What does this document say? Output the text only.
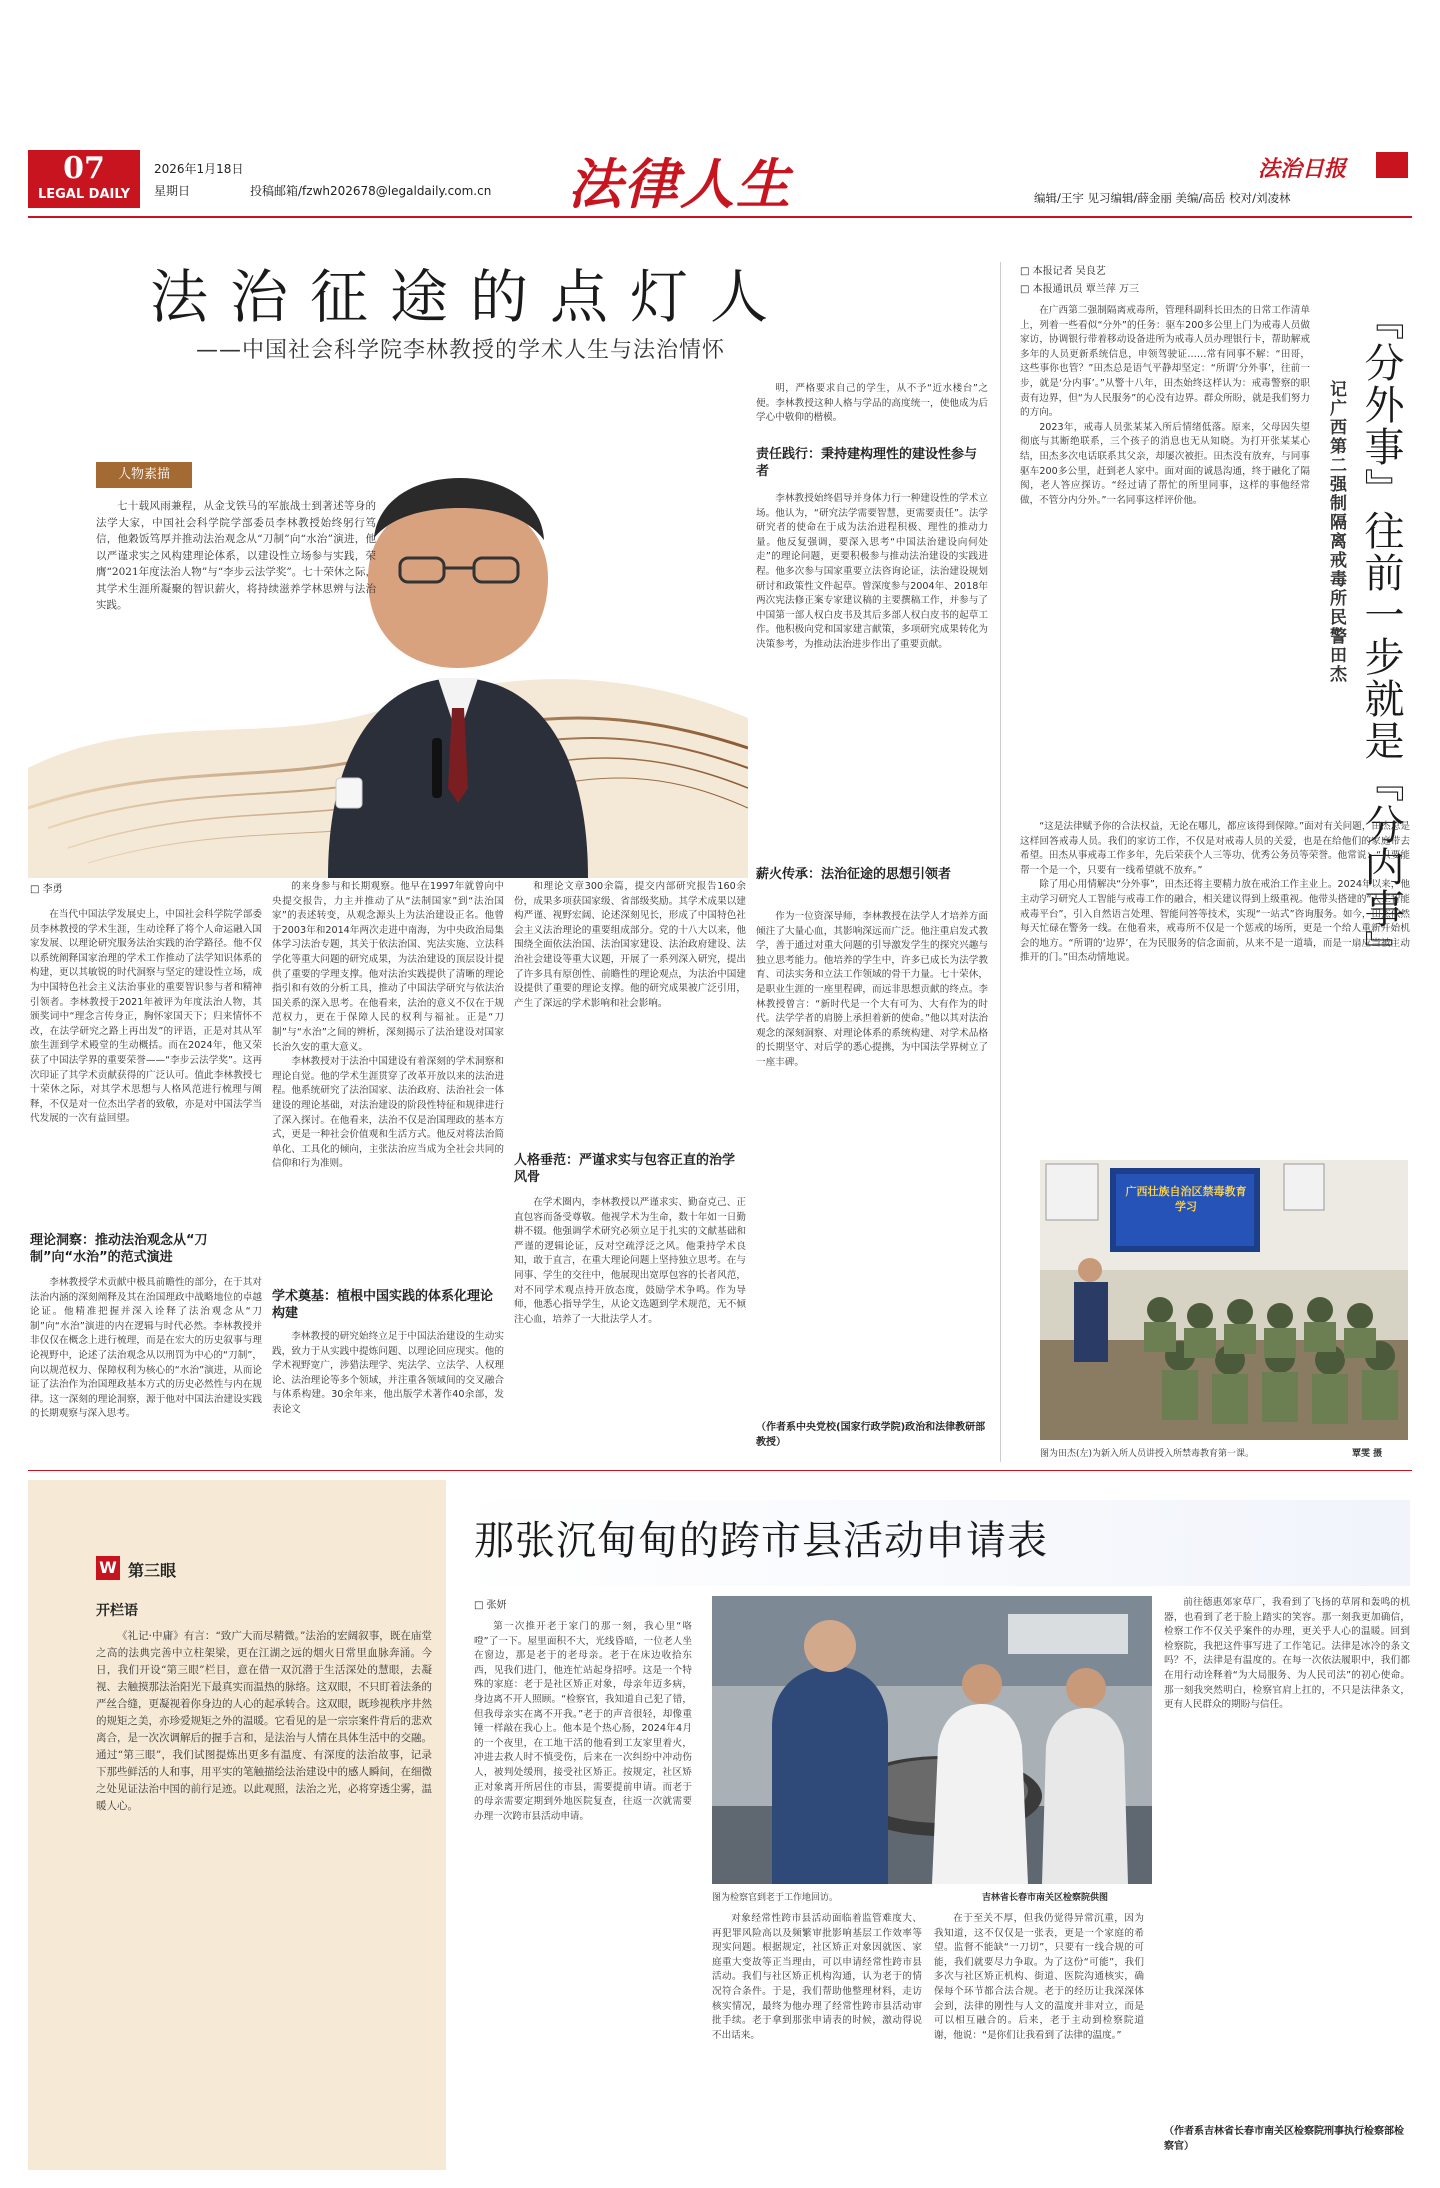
07
LEGAL DAILY
2026年1月18日
星期日	投稿邮箱/fzwh202678@legaldaily.com.cn 法律人生	法治日报
编辑/王宇 见习编辑/薛金丽 美编/高岳 校对/刘凌林
法治征途的点灯人
——中国社会科学院李林教授的学术人生与法治情怀
人物素描
七十载风雨兼程，从金戈铁马的军旅战士到著述等身的法学大家，中国社会科学院学部委员李林教授始终躬行笃信，他穀饭笃厚并推动法治观念从“刀制”向“水治”演进，他以严谨求实之风构建理论体系，以建设性立场参与实践，荣膺“2021年度法治人物”与“李步云法学奖”。七十荣休之际，其学术生涯所凝聚的智识薪火，将持续滋养学林思辨与法治实践。
□ 李勇

在当代中国法学发展史上，中国社会科学院学部委员李林教授的学术生涯，生动诠释了将个人命运融入国家发展、以理论研究服务法治实践的治学路径。他不仅以系统阐释国家治理的学术工作推动了法学知识体系的构建，更以其敏锐的时代洞察与坚定的建设性立场，成为中国特色社会主义法治事业的重要智识参与者和精神引领者。李林教授于2021年被评为年度法治人物，其颁奖词中“理念言传身正，胸怀家国天下；归来情怀不改，在法学研究之路上再出发”的评语，正是对其从军旅生涯到学术殿堂的生动概括。而在2024年，他又荣获了中国法学界的重要荣誉——“李步云法学奖”。这再次印证了其学术贡献获得的广泛认可。值此李林教授七十荣休之际，对其学术思想与人格风范进行梳理与阐释，不仅是对一位杰出学者的致敬，亦是对中国法学当代发展的一次有益回望。

理论洞察：推动法治观念从“刀制”向“水治”的范式演进

李林教授学术贡献中极具前瞻性的部分，在于其对法治内涵的深刻阐释及其在治国理政中战略地位的卓越论证。他精准把握并深入诠释了法治观念从“刀制”向“水治”演进的内在逻辑与时代必然。李林教授并非仅仅在概念上进行梳理，而是在宏大的历史叙事与理论视野中，论述了法治观念从以刑罚为中心的“刀制”，向以规范权力、保障权利为核心的“水治”演进，从而论证了法治作为治国理政基本方式的历史必然性与内在规律。这一深刻的理论洞察，源于他对中国法治建设实践的长期观察与深入思考。

的来身参与和长期观察。他早在1997年就曾向中央提交报告，力主并推动了从“法制国家”到“法治国家”的表述转变，从观念源头上为法治建设正名。他曾于2003年和2014年两次走进中南海，为中央政治局集体学习法治专题，其关于依法治国、宪法实施、立法科学化等重大问题的研究成果，为法治建设的顶层设计提供了重要的学理支撑。他对法治实践提供了清晰的理论指引和有效的分析工具，推动了中国法学研究与依法治国关系的深入思考。在他看来，法治的意义不仅在于规范权力，更在于保障人民的权利与福祉。正是“刀制”与“水治”之间的辨析，深刻揭示了法治建设对国家长治久安的重大意义。

李林教授对于法治中国建设有着深刻的学术洞察和理论自觉。他的学术生涯贯穿了改革开放以来的法治进程。他系统研究了法治国家、法治政府、法治社会一体建设的理论基础，对法治建设的阶段性特征和规律进行了深入探讨。在他看来，法治不仅是治国理政的基本方式，更是一种社会价值观和生活方式。他反对将法治简单化、工具化的倾向，主张法治应当成为全社会共同的信仰和行为准则。

学术奠基：植根中国实践的体系化理论构建

李林教授的研究始终立足于中国法治建设的生动实践，致力于从实践中提炼问题、以理论回应现实。他的学术视野宽广，涉猎法理学、宪法学、立法学、人权理论、法治理论等多个领域，并注重各领域间的交叉融合与体系构建。30余年来，他出版学术著作40余部，发表论文

和理论文章300余篇，提交内部研究报告160余份，成果多项获国家级、省部级奖励。其学术成果以建构严谨、视野宏阔、论述深刻见长，形成了中国特色社会主义法治理论的重要组成部分。党的十八大以来，他围绕全面依法治国、法治国家建设、法治政府建设、法治社会建设等重大议题，开展了一系列深入研究，提出了许多具有原创性、前瞻性的理论观点，为法治中国建设提供了重要的理论支撑。他的研究成果被广泛引用，产生了深远的学术影响和社会影响。

人格垂范：严谨求实与包容正直的治学风骨

在学术圈内，李林教授以严谨求实、勤奋克己、正直包容而备受尊敬。他视学术为生命，数十年如一日勤耕不辍。他强调学术研究必须立足于扎实的文献基础和严谨的逻辑论证，反对空疏浮泛之风。他秉持学术良知，敢于直言，在重大理论问题上坚持独立思考。在与同事、学生的交往中，他展现出宽厚包容的长者风范，对不同学术观点持开放态度，鼓励学术争鸣。作为导师，他悉心指导学生，从论文选题到学术规范，无不倾注心血，培养了一大批法学人才。

明，严格要求自己的学生，从不予“近水楼台”之便。李林教授这种人格与学品的高度统一，使他成为后学心中敬仰的楷模。

责任践行：秉持建构理性的建设性参与者

李林教授始终倡导并身体力行一种建设性的学术立场。他认为，“研究法学需要智慧，更需要责任”。法学研究者的使命在于成为法治进程积极、理性的推动力量。他反复强调，要深入思考“中国法治建设向何处走”的理论问题，更要积极参与推动法治建设的实践进程。他多次参与国家重要立法咨询论证，法治建设规划研讨和政策性文件起草。曾深度参与2004年、2018年两次宪法修正案专家建议稿的主要撰稿工作，并参与了中国第一部人权白皮书及其后多部人权白皮书的起草工作。他积极向党和国家建言献策，多项研究成果转化为决策参考，为推动法治进步作出了重要贡献。

薪火传承：法治征途的思想引领者

作为一位资深导师，李林教授在法学人才培养方面倾注了大量心血，其影响深远而广泛。他注重启发式教学，善于通过对重大问题的引导激发学生的探究兴趣与独立思考能力。他培养的学生中，许多已成长为法学教育、司法实务和立法工作领域的骨干力量。七十荣休，是职业生涯的一座里程碑，而远非思想贡献的终点。李林教授曾言：“新时代是一个大有可为、大有作为的时代。法学学者的肩膀上承担着新的使命。”他以其对法治观念的深刻洞察、对理论体系的系统构建、对学术品格的长期坚守、对后学的悉心提携，为中国法学界树立了一座丰碑。

（作者系中央党校(国家行政学院)政治和法律教研部教授）
□ 本报记者 吴良艺
□ 本报通讯员 覃兰萍 万三
『分外事』往前一步就是『分内事』
记广西第二强制隔离戒毒所民警田杰

在广西第二强制隔离戒毒所，管理科副科长田杰的日常工作清单上，列着一些看似“分外”的任务：驱车200多公里上门为戒毒人员做家访，协调银行带着移动设备进所为戒毒人员办理银行卡，帮助解戒多年的人员更新系统信息，申领驾驶证……常有同事不解：“田哥，这些事你也管？”田杰总是语气平静却坚定：“所谓‘分外事’，往前一步，就是‘分内事’。”从警十八年，田杰始终这样认为：戒毒警察的职责有边界，但“为人民服务”的心没有边界。群众所盼，就是我们努力的方向。

2023年，戒毒人员张某某入所后情绪低落。原来，父母因失望彻底与其断绝联系，三个孩子的消息也无从知晓。为打开张某某心结，田杰多次电话联系其父亲，却屡次被拒。田杰没有放弃，与同事驱车200多公里，赶到老人家中。面对面的诚恳沟通，终于融化了隔阂，老人答应探访。“经过请了帮忙的所里同事，这样的事他经常做，不管分内分外。”一名同事这样评价他。

“这是法律赋予你的合法权益，无论在哪儿，都应该得到保障。”面对有关问题，田杰总是这样回答戒毒人员。我们的家访工作，不仅是对戒毒人员的关爱，也是在给他们的家庭带去希望。田杰从事戒毒工作多年，先后荣获个人三等功、优秀公务员等荣誉。他常说：“只要能帮一个是一个，只要有一线希望就不放弃。”

除了用心用情解决“分外事”，田杰还将主要精力放在戒治工作主业上。2024年以来，他主动学习研究人工智能与戒毒工作的融合，相关建议得到上级重视。他带头搭建的“人工智能戒毒平台”，引入自然语言处理、智能问答等技术，实现“一站式”咨询服务。如今，田杰依然每天忙碌在警务一线。在他看来，戒毒所不仅是一个惩戒的场所，更是一个给人重新开始机会的地方。“所谓的‘边界’，在为民服务的信念面前，从来不是一道墙，而是一扇应当被主动推开的门。”田杰动情地说。

广西壮族自治区禁毒教育学习
图为田杰(左)为新入所人员讲授入所禁毒教育第一课。	覃雯 摄
W 第三眼
开栏语

《礼记·中庸》有言：“致广大而尽精微。”法治的宏阔叙事，既在庙堂之高的法典完善中立柱架梁，更在江湖之远的烟火日常里血脉奔涌。今日，我们开设“第三眼”栏目，意在借一双沉潜于生活深处的慧眼，去凝视、去触摸那法治阳光下最真实而温热的脉络。这双眼，不只盯着法条的严丝合缝，更凝视着你身边的人心的起承转合。这双眼，既珍视秩序井然的规矩之美，亦珍爱规矩之外的温暖。它看见的是一宗宗案件背后的悲欢离合，是一次次调解后的握手言和，是法治与人情在具体生活中的交融。通过“第三眼”，我们试图提炼出更多有温度、有深度的法治故事，记录下那些鲜活的人和事，用平实的笔触描绘法治建设中的感人瞬间，在细微之处见证法治中国的前行足迹。以此观照，法治之光，必将穿透尘雾，温暖人心。

那张沉甸甸的跨市县活动申请表
□ 张妍

第一次推开老于家门的那一刻，我心里“咯噔”了一下。屋里面积不大，光线昏暗，一位老人坐在窗边，那是老于的老母亲。老于在床边收拾东西，见我们进门，他连忙站起身招呼。这是一个特殊的家庭：老于是社区矫正对象，母亲年迈多病，身边离不开人照顾。“检察官，我知道自己犯了错，但我母亲实在离不开我。”老于的声音很轻，却像重锤一样敲在我心上。他本是个热心肠，2024年4月的一个夜里，在工地干活的他看到工友家里着火，冲进去救人时不慎受伤，后来在一次纠纷中冲动伤人，被判处缓刑，接受社区矫正。按规定，社区矫正对象离开所居住的市县，需要提前申请。而老于的母亲需要定期到外地医院复查，往返一次就需要办理一次跨市县活动申请。

图为检察官到老于工作地回访。	吉林省长春市南关区检察院供图

对象经常性跨市县活动面临着监管难度大、再犯罪风险高以及频繁审批影响基层工作效率等现实问题。根据规定，社区矫正对象因就医、家庭重大变故等正当理由，可以申请经常性跨市县活动。我们与社区矫正机构沟通，认为老于的情况符合条件。于是，我们帮助他整理材料，走访核实情况，最终为他办理了经常性跨市县活动审批手续。老于拿到那张申请表的时候，激动得说不出话来。

在于至关不厚，但我仍觉得异常沉重，因为我知道，这不仅仅是一张表，更是一个家庭的希望。监督不能缺“一刀切”，只要有一线合规的可能，我们就要尽力争取。为了这份“可能”，我们多次与社区矫正机构、街道、医院沟通核实，确保每个环节都合法合规。老于的经历让我深深体会到，法律的刚性与人文的温度并非对立，而是可以相互融合的。后来，老于主动到检察院道谢，他说：“是你们让我看到了法律的温度。”

前往德惠郊家草厂，我看到了飞扬的草屑和轰鸣的机器，也看到了老于脸上踏实的笑容。那一刻我更加确信，检察工作不仅关乎案件的办理，更关乎人心的温暖。回到检察院，我把这件事写进了工作笔记。法律是冰冷的条文吗？不，法律是有温度的。在每一次依法履职中，我们都在用行动诠释着“为大局服务、为人民司法”的初心使命。那一刻我突然明白，检察官肩上扛的，不只是法律条文，更有人民群众的期盼与信任。

（作者系吉林省长春市南关区检察院刑事执行检察部检察官）
